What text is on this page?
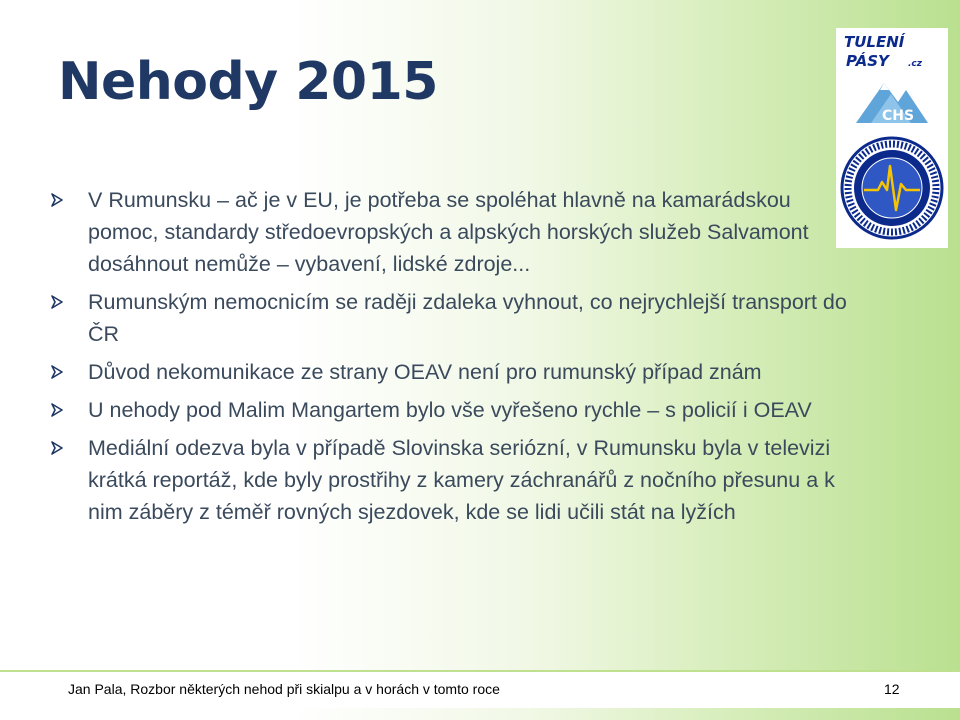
Nehody 2015
V Rumunsku – ač je v EU, je potřeba se spoléhat hlavně na kamarádskou pomoc, standardy středoevropských a alpských horských služeb Salvamont dosáhnout nemůže – vybavení, lidské zdroje...
Rumunským nemocnicím se raději zdaleka vyhnout, co nejrychlejší transport do ČR
Důvod nekomunikace ze strany OEAV není pro rumunský případ znám
U nehody pod Malim Mangartem bylo vše vyřešeno rychle – s policií i OEAV
Mediální odezva byla v případě Slovinska seriózní, v Rumunsku byla v televizi krátká reportáž, kde byly prostřihy z kamery záchranářů z nočního přesunu a k nim záběry z téměř rovných sjezdovek, kde se lidi učili stát na lyžích
TULENÍ
PÁSY .cz
CHS
Jan Pala, Rozbor některých nehod při skialpu a v horách v tomto roce	12
